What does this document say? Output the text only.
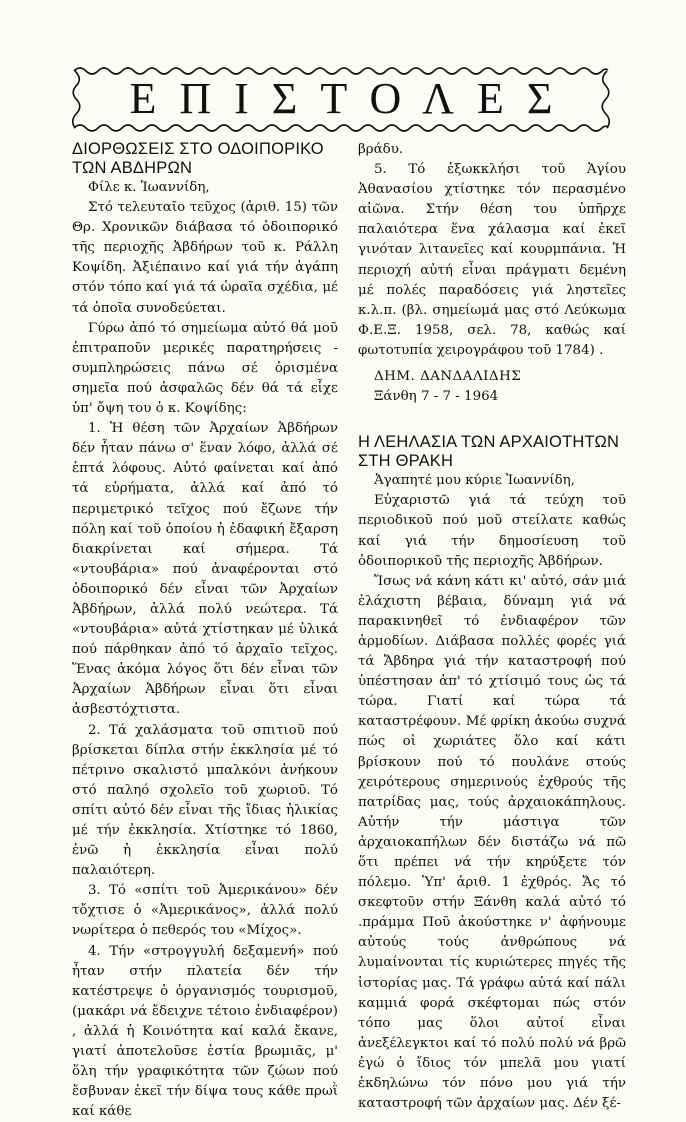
ΕΠΙΣΤΟΛΕΣ
ΔΙΟΡΘΩΣΕΙΣ ΣΤΟ ΟΔΟΙΠΟΡΙΚΟ
ΤΩΝ ΑΒΔΗΡΩΝ

Φίλε κ. Ἰωαννίδη,

Στό τελευταῖο τεῦχος (ἀριθ. 15) τῶν Θρ. Χρονικῶν διάβασα τό ὁδοιπορικό τῆς περιοχῆς Ἀβδήρων τοῦ κ. Ράλλη Κοψίδη. Ἀξιέπαινο καί γιά τήν ἀγάπη στόν τόπο καί γιά τά ὡραῖα σχέδια, μέ τά ὁποῖα συνοδεύεται.

Γύρω ἀπό τό σημείωμα αὐτό θά μοῦ ἐπιτραποῦν μερικές παρατηρήσεις - συμπληρώσεις πάνω σέ ὁρισμένα σημεῖα πού ἀσφαλῶς δέν θά τά εἶχε ὑπ' ὄψη του ὁ κ. Κοψίδης:

1. Ἡ θέση τῶν Ἀρχαίων Ἀβδήρων δέν ἦταν πάνω σ' ἕναν λόφο, ἀλλά σέ ἑπτά λόφους. Αὐτό φαίνεται καί ἀπό τά εὑρήματα, ἀλλά καί ἀπό τό περιμετρικό τεῖχος πού ἔζωνε τήν πόλη καί τοῦ ὁποίου ἡ ἐδαφική ἔξαρση διακρίνεται καί σήμερα. Τά «ντουβάρια» πού ἀναφέρονται στό ὁδοιπορικό δέν εἶναι τῶν Ἀρχαίων Ἀβδήρων, ἀλλά πολύ νεώτερα. Τά «ντουβάρια» αὐτά χτίστηκαν μέ ὑλικά πού πάρθηκαν ἀπό τό ἀρχαῖο τεῖχος. Ἕνας ἀκόμα λόγος ὅτι δέν εἶναι τῶν Ἀρχαίων Ἀβδήρων εἶναι ὅτι εἶναι ἀσβεστόχτιστα.

2. Τά χαλάσματα τοῦ σπιτιοῦ πού βρίσκεται δίπλα στήν ἐκκλησία μέ τό πέτρινο σκαλιστό μπαλκόνι ἀνήκουν στό παληό σχολεῖο τοῦ χωριοῦ. Τό σπίτι αὐτό δέν εἶναι τῆς ἴδιας ἡλικίας μέ τήν ἐκκλησία. Χτίστηκε τό 1860, ἐνῶ ἡ ἐκκλησία εἶναι πολύ παλαιότερη.

3. Τό «σπίτι τοῦ Ἀμερικάνου» δέν τὄχτισε ὁ «Ἀμερικάνος», ἀλλά πολύ νωρίτερα ὁ πεθερός του «Μίχος».

4. Τήν «στρογγυλή δεξαμενή» πού ἦταν στήν πλατεία δέν τήν κατέστρεψε ὁ ὀργανισμός τουρισμοῦ, (μακάρι νά ἔδειχνε τέτοιο ἐνδιαφέρον) , ἀλλά ἡ Κοινότητα καί καλά ἔκανε, γιατί ἀποτελοῦσε ἑστία βρωμιᾶς, μ' ὅλη τήν γραφικότητα τῶν ζώων πού ἔσβυναν ἐκεῖ τήν δίψα τους κάθε πρωῒ καί κάθε

βράδυ.

5. Τό ἐξωκκλήσι τοῦ Ἁγίου Ἀθανασίου χτίστηκε τόν περασμένο αἰῶνα. Στήν θέση του ὑπῆρχε παλαιότερα ἕνα χάλασμα καί ἐκεῖ γινόταν λιτανεῖες καί κουρμπάνια. Ἡ περιοχή αὐτή εἶναι πράγματι δεμένη μέ πολές παραδόσεις γιά ληστεῖες κ.λ.π. (βλ. σημείωμά μας στό Λεύκωμα Φ.Ε.Ξ. 1958, σελ. 78, καθώς καί φωτοτυπία χειρογράφου τοῦ 1784) .

ΔΗΜ. ΔΑΝΔΑΛΙΔΗΣ

Ξάνθη 7 - 7 - 1964

Η ΛΕΗΛΑΣΙΑ ΤΩΝ ΑΡΧΑΙΟΤΗΤΩΝ
ΣΤΗ ΘΡΑΚΗ

Ἀγαπητέ μου κύριε Ἰωαννίδη,

Εὐχαριστῶ γιά τά τεύχη τοῦ περιοδικοῦ πού μοῦ στείλατε καθώς καί γιά τήν δημοσίευση τοῦ ὁδοιπορικοῦ τῆς περιοχῆς Ἀβδήρων.

Ἴσως νά κάνη κάτι κι' αὐτό, σάν μιά ἐλάχιστη βέβαια, δύναμη γιά νά παρακινηθεῖ τό ἐνδιαφέρον τῶν ἁρμοδίων. Διάβασα πολλές φορές γιά τά Ἄβδηρα γιά τήν καταστροφή πού ὑπέστησαν ἀπ' τό χτίσιμό τους ὡς τά τώρα. Γιατί καί τώρα τά καταστρέφουν. Μέ φρίκη ἀκούω συχνά πώς οἱ χωριάτες ὅλο καί κάτι βρίσκουν πού τό πουλάνε στούς χειρότερους σημερινούς ἐχθρούς τῆς πατρίδας μας, τούς ἀρχαιοκάπηλους. Αὐτήν τήν μάστιγα τῶν ἀρχαιοκαπήλων δέν διστάζω νά πῶ ὅτι πρέπει νά τήν κηρύξετε τόν πόλεμο. Ὑπ' ἀριθ. 1 ἐχθρός. Ἄς τό σκεφτοῦν στήν Ξάνθη καλά αὐτό τό .πράμμα Ποῦ ἀκούστηκε ν' ἀφήνουμε αὐτούς τούς ἀνθρώπους νά λυμαίνονται τίς κυριώτερες πηγές τῆς ἱστορίας μας. Τά γράφω αὐτά καί πάλι καμμιά φορά σκέφτομαι πώς στόν τόπο μας ὅλοι αὐτοί εἶναι ἀνεξέλεγκτοι καί τό πολύ πολύ νά βρῶ ἐγώ ὁ ἴδιος τόν μπελᾶ μου γιατί ἐκδηλώνω τόν πόνο μου γιά τήν καταστροφή τῶν ἀρχαίων μας. Δέν ξέ-
